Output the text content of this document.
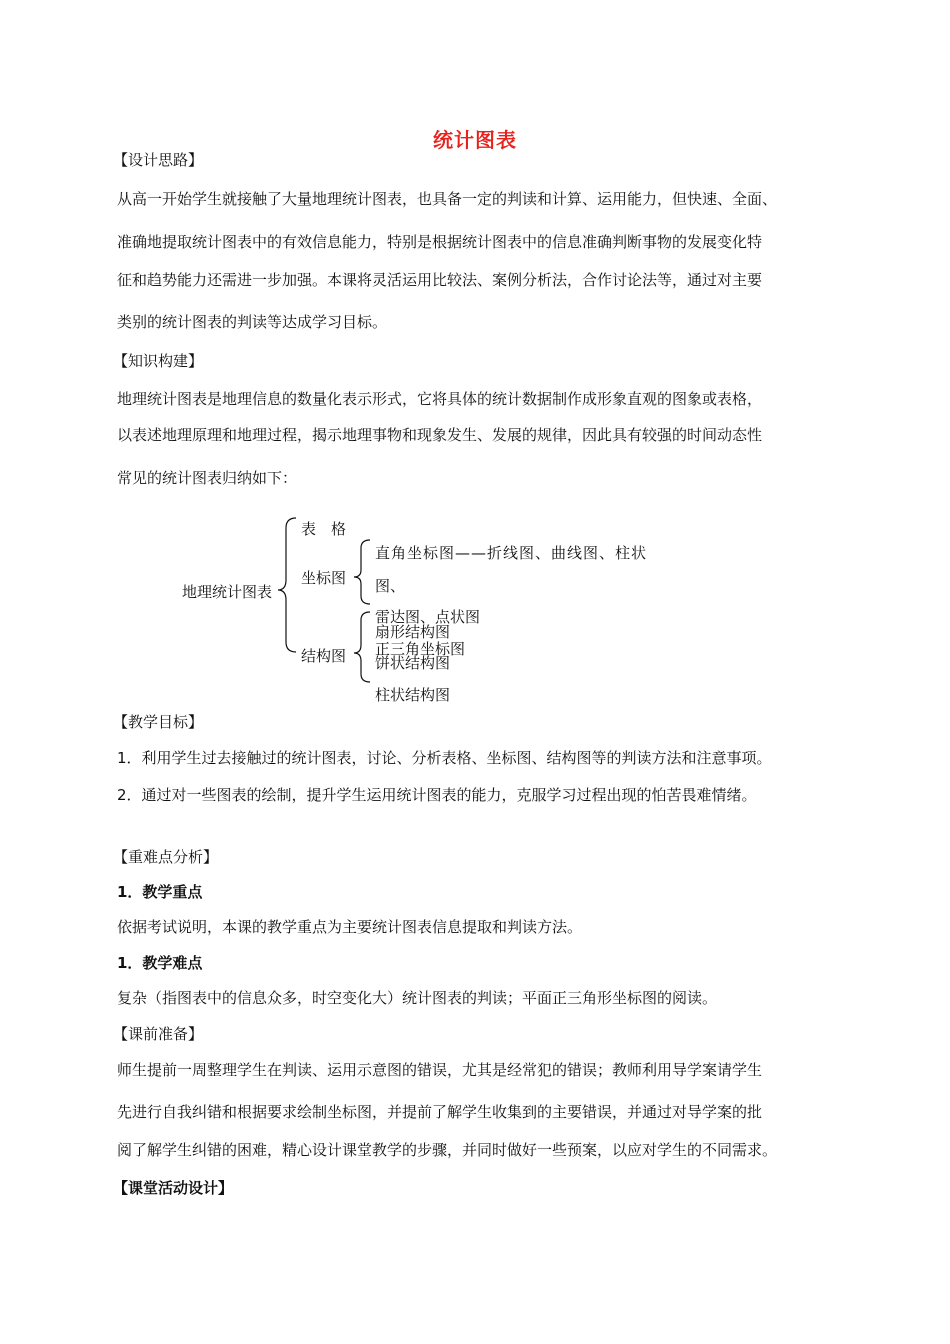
统计图表
【设计思路】
从高一开始学生就接触了大量地理统计图表，也具备一定的判读和计算、运用能力，但快速、全面、
准确地提取统计图表中的有效信息能力，特别是根据统计图表中的信息准确判断事物的发展变化特
征和趋势能力还需进一步加强。本课将灵活运用比较法、案例分析法，合作讨论法等，通过对主要
类别的统计图表的判读等达成学习目标。
【知识构建】
地理统计图表是地理信息的数量化表示形式，它将具体的统计数据制作成形象直观的图象或表格，
以表述地理原理和地理过程，揭示地理事物和现象发生、发展的规律，因此具有较强的时间动态性
常见的统计图表归纳如下：
地理统计图表
表　格
坐标图
直角坐标图——折线图、曲线图、柱状
图、
结构图
雷达图、点状图
扇形结构图
正三角坐标图
饼状结构图
柱状结构图
【教学目标】
1．利用学生过去接触过的统计图表，讨论、分析表格、坐标图、结构图等的判读方法和注意事项。
2．通过对一些图表的绘制，提升学生运用统计图表的能力，克服学习过程出现的怕苦畏难情绪。
【重难点分析】
1．教学重点
依据考试说明，本课的教学重点为主要统计图表信息提取和判读方法。
1．教学难点
复杂（指图表中的信息众多，时空变化大）统计图表的判读；平面正三角形坐标图的阅读。
【课前准备】
师生提前一周整理学生在判读、运用示意图的错误，尤其是经常犯的错误；教师利用导学案请学生
先进行自我纠错和根据要求绘制坐标图，并提前了解学生收集到的主要错误，并通过对导学案的批
阅了解学生纠错的困难，精心设计课堂教学的步骤，并同时做好一些预案，以应对学生的不同需求。
【课堂活动设计】
